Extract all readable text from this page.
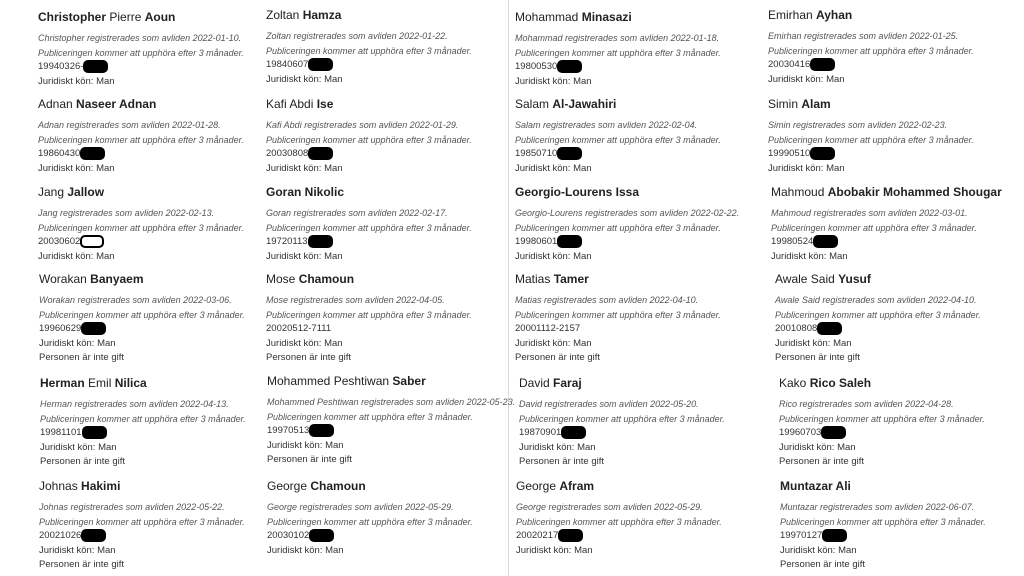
Christopher Pierre Aoun
Christopher registrerades som avliden 2022-01-10.
Publiceringen kommer att upphöra efter 3 månader.
19940326-
Juridiskt kön: Man
Zoltan Hamza
Zoltan registrerades som avliden 2022-01-22.
Publiceringen kommer att upphöra efter 3 månader.
19840607
Juridiskt kön: Man
Mohammad Minasazi
Mohammad registrerades som avliden 2022-01-18.
Publiceringen kommer att upphöra efter 3 månader.
19800530
Juridiskt kön: Man
Emirhan Ayhan
Emirhan registrerades som avliden 2022-01-25.
Publiceringen kommer att upphöra efter 3 månader.
20030416
Juridiskt kön: Man
Adnan Naseer Adnan
Adnan registrerades som avliden 2022-01-28.
Publiceringen kommer att upphöra efter 3 månader.
19860430
Juridiskt kön: Man
Kafi Abdi Ise
Kafi Abdi registrerades som avliden 2022-01-29.
Publiceringen kommer att upphöra efter 3 månader.
20030808
Juridiskt kön: Man
Salam Al-Jawahiri
Salam registrerades som avliden 2022-02-04.
Publiceringen kommer att upphöra efter 3 månader.
19850710
Juridiskt kön: Man
Simin Alam
Simin registrerades som avliden 2022-02-23.
Publiceringen kommer att upphöra efter 3 månader.
19990510
Juridiskt kön: Man
Jang Jallow
Jang registrerades som avliden 2022-02-13.
Publiceringen kommer att upphöra efter 3 månader.
20030602
Juridiskt kön: Man
Goran Nikolic
Goran registrerades som avliden 2022-02-17.
Publiceringen kommer att upphöra efter 3 månader.
19720113
Juridiskt kön: Man
Georgio-Lourens Issa
Georgio-Lourens registrerades som avliden 2022-02-22.
Publiceringen kommer att upphöra efter 3 månader.
19980601
Juridiskt kön: Man
Mahmoud Abobakir Mohammed Shougar
Mahmoud registrerades som avliden 2022-03-01.
Publiceringen kommer att upphöra efter 3 månader.
19980524
Juridiskt kön: Man
Worakan Banyaem
Worakan registrerades som avliden 2022-03-06.
Publiceringen kommer att upphöra efter 3 månader.
19960629
Juridiskt kön: Man
Personen är inte gift
Mose Chamoun
Mose registrerades som avliden 2022-04-05.
Publiceringen kommer att upphöra efter 3 månader.
20020512-7111
Juridiskt kön: Man
Personen är inte gift
Matias Tamer
Matias registrerades som avliden 2022-04-10.
Publiceringen kommer att upphöra efter 3 månader.
20001112-2157
Juridiskt kön: Man
Personen är inte gift
Awale Said Yusuf
Awale Said registrerades som avliden 2022-04-10.
Publiceringen kommer att upphöra efter 3 månader.
20010808
Juridiskt kön: Man
Personen är inte gift
Herman Emil Nilica
Herman registrerades som avliden 2022-04-13.
Publiceringen kommer att upphöra efter 3 månader.
19981101
Juridiskt kön: Man
Personen är inte gift
Mohammed Peshtiwan Saber
Mohammed Peshtiwan registrerades som avliden 2022-05-23.
Publiceringen kommer att upphöra efter 3 månader.
19970513
Juridiskt kön: Man
Personen är inte gift
David Faraj
David registrerades som avliden 2022-05-20.
Publiceringen kommer att upphöra efter 3 månader.
19870901
Juridiskt kön: Man
Personen är inte gift
Kako Rico Saleh
Rico registrerades som avliden 2022-04-28.
Publiceringen kommer att upphöra efter 3 månader.
19960703
Juridiskt kön: Man
Personen är inte gift
Johnas Hakimi
Johnas registrerades som avliden 2022-05-22.
Publiceringen kommer att upphöra efter 3 månader.
20021026
Juridiskt kön: Man
Personen är inte gift
George Chamoun
George registrerades som avliden 2022-05-29.
Publiceringen kommer att upphöra efter 3 månader.
20030102
Juridiskt kön: Man
George Afram
George registrerades som avliden 2022-05-29.
Publiceringen kommer att upphöra efter 3 månader.
20020217
Juridiskt kön: Man
Muntazar Ali
Muntazar registrerades som avliden 2022-06-07.
Publiceringen kommer att upphöra efter 3 månader.
19970127
Juridiskt kön: Man
Personen är inte gift
